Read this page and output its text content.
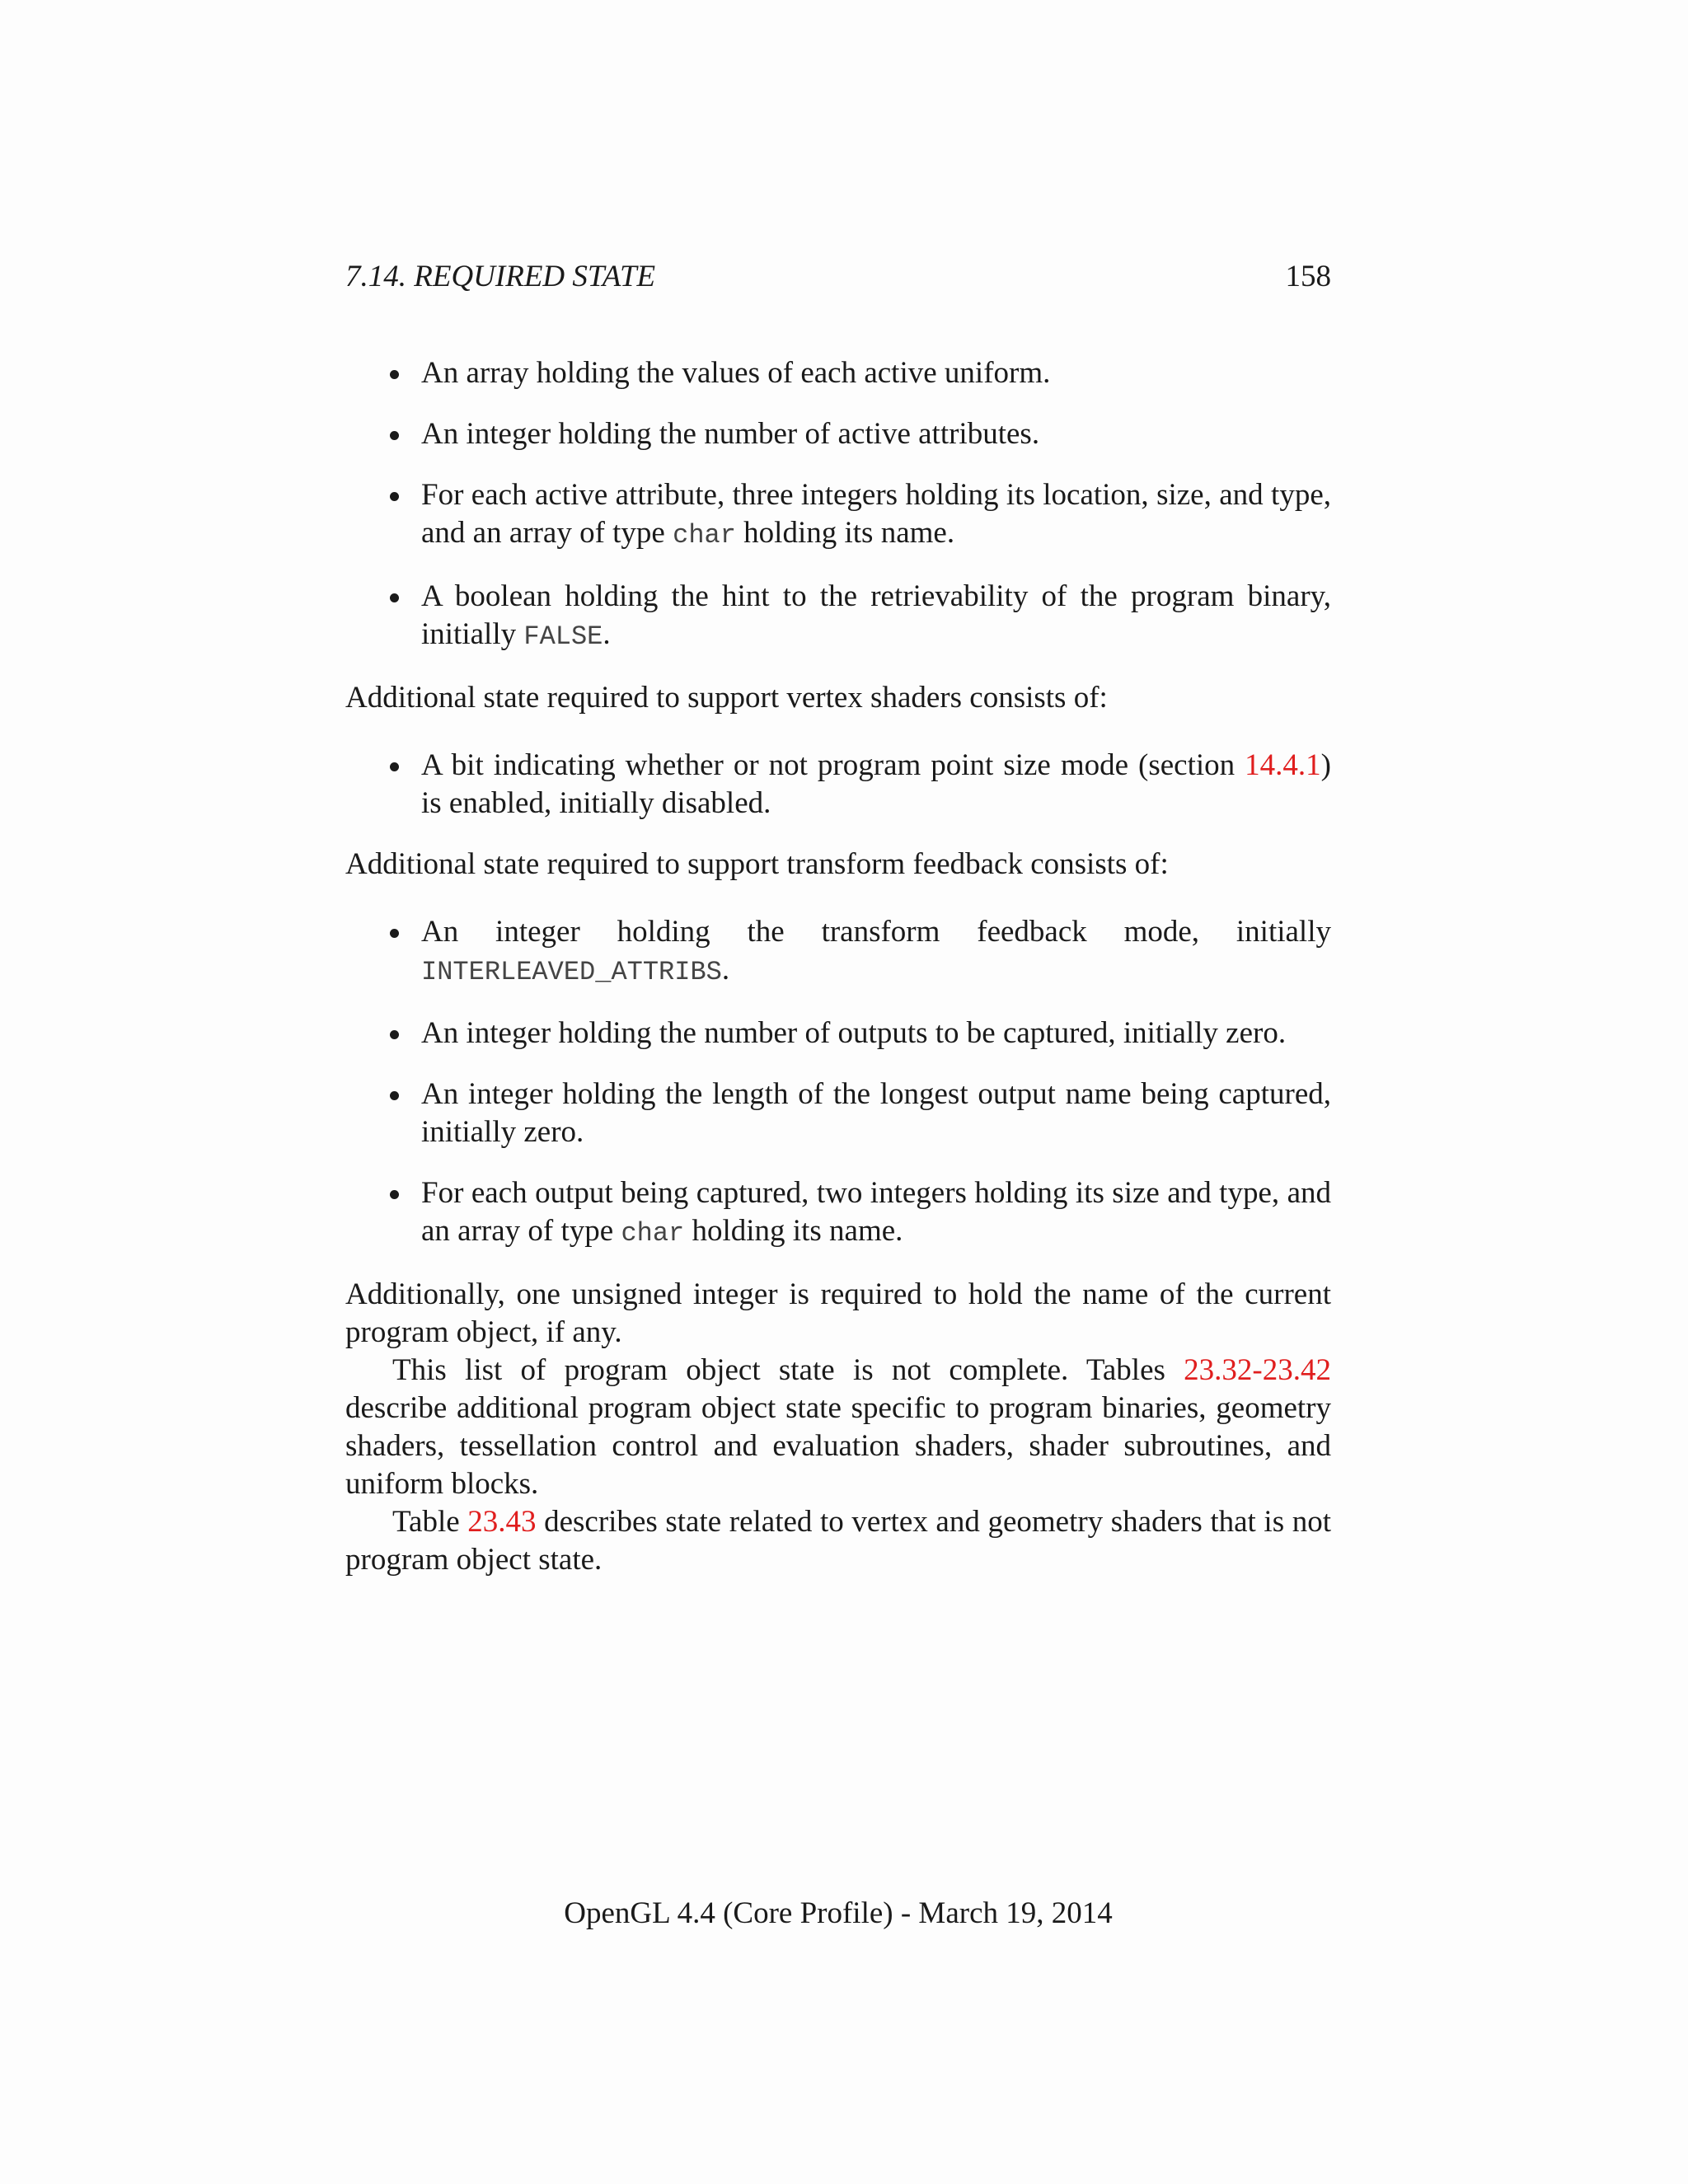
7.14. REQUIRED STATE	158
An array holding the values of each active uniform.
An integer holding the number of active attributes.
For each active attribute, three integers holding its location, size, and type, and an array of type char holding its name.
A boolean holding the hint to the retrievability of the program binary, initially FALSE.

Additional state required to support vertex shaders consists of:

A bit indicating whether or not program point size mode (section 14.4.1) is enabled, initially disabled.

Additional state required to support transform feedback consists of:

An integer holding the transform feedback mode, initially INTERLEAVED_ATTRIBS.
An integer holding the number of outputs to be captured, initially zero.
An integer holding the length of the longest output name being captured, initially zero.
For each output being captured, two integers holding its size and type, and an array of type char holding its name.

Additionally, one unsigned integer is required to hold the name of the current program object, if any.

This list of program object state is not complete. Tables 23.32-23.42 describe additional program object state specific to program binaries, geometry shaders, tessellation control and evaluation shaders, shader subroutines, and uniform blocks.

Table 23.43 describes state related to vertex and geometry shaders that is not program object state.

OpenGL 4.4 (Core Profile) - March 19, 2014
